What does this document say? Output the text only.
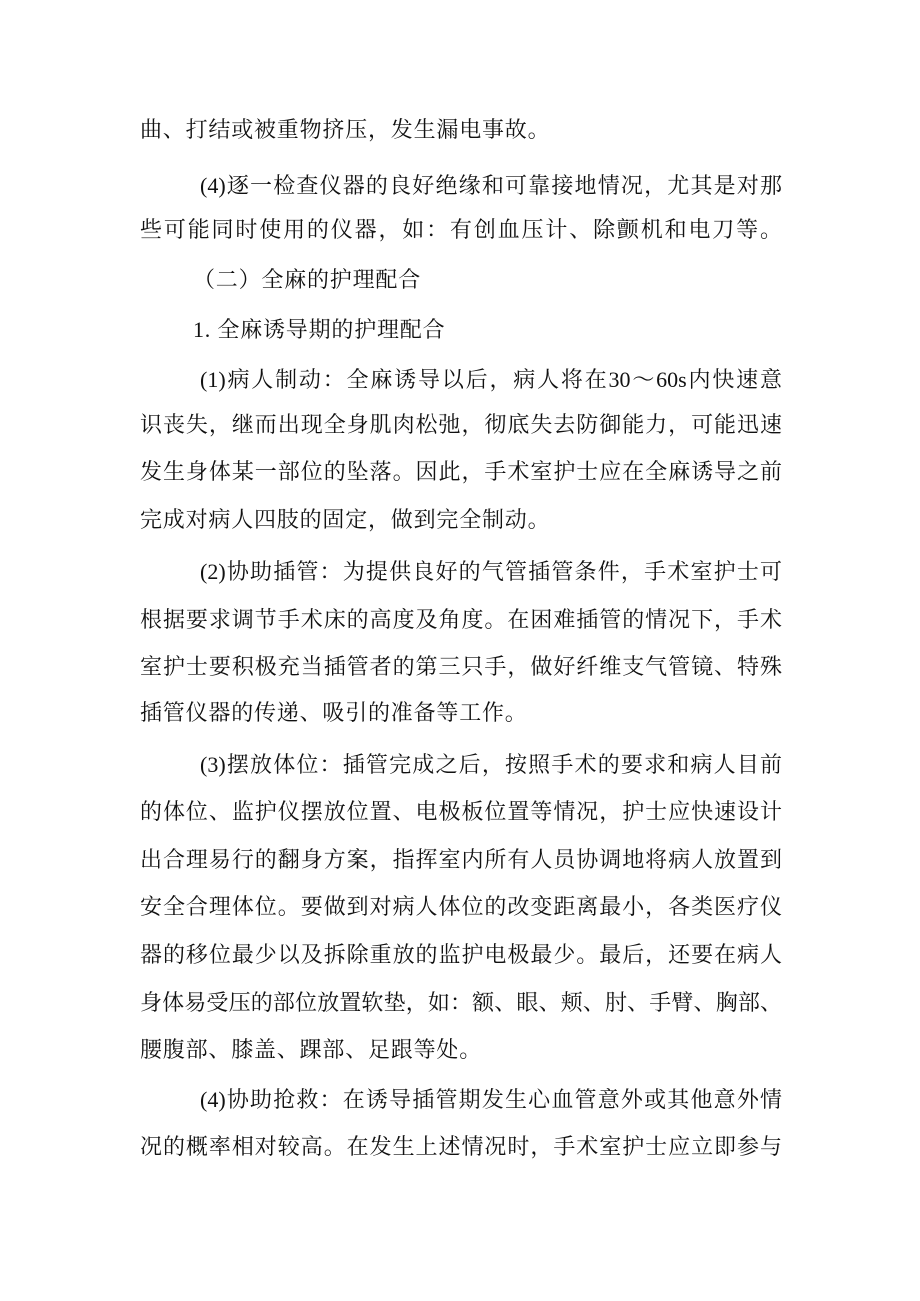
曲、打结或被重物挤压，发生漏电事故。
(4)逐一检查仪器的良好绝缘和可靠接地情况，尤其是对那
些可能同时使用的仪器，如：有创血压计、除颤机和电刀等。
（二）全麻的护理配合
1. 全麻诱导期的护理配合
(1)病人制动：全麻诱导以后，病人将在30～60s内快速意
识丧失，继而出现全身肌肉松弛，彻底失去防御能力，可能迅速
发生身体某一部位的坠落。因此，手术室护士应在全麻诱导之前
完成对病人四肢的固定，做到完全制动。
(2)协助插管：为提供良好的气管插管条件，手术室护士可
根据要求调节手术床的高度及角度。在困难插管的情况下，手术
室护士要积极充当插管者的第三只手，做好纤维支气管镜、特殊
插管仪器的传递、吸引的准备等工作。
(3)摆放体位：插管完成之后，按照手术的要求和病人目前
的体位、监护仪摆放位置、电极板位置等情况，护士应快速设计
出合理易行的翻身方案，指挥室内所有人员协调地将病人放置到
安全合理体位。要做到对病人体位的改变距离最小，各类医疗仪
器的移位最少以及拆除重放的监护电极最少。最后，还要在病人
身体易受压的部位放置软垫，如：额、眼、颊、肘、手臂、胸部、
腰腹部、膝盖、踝部、足跟等处。
(4)协助抢救：在诱导插管期发生心血管意外或其他意外情
况的概率相对较高。在发生上述情况时，手术室护士应立即参与
